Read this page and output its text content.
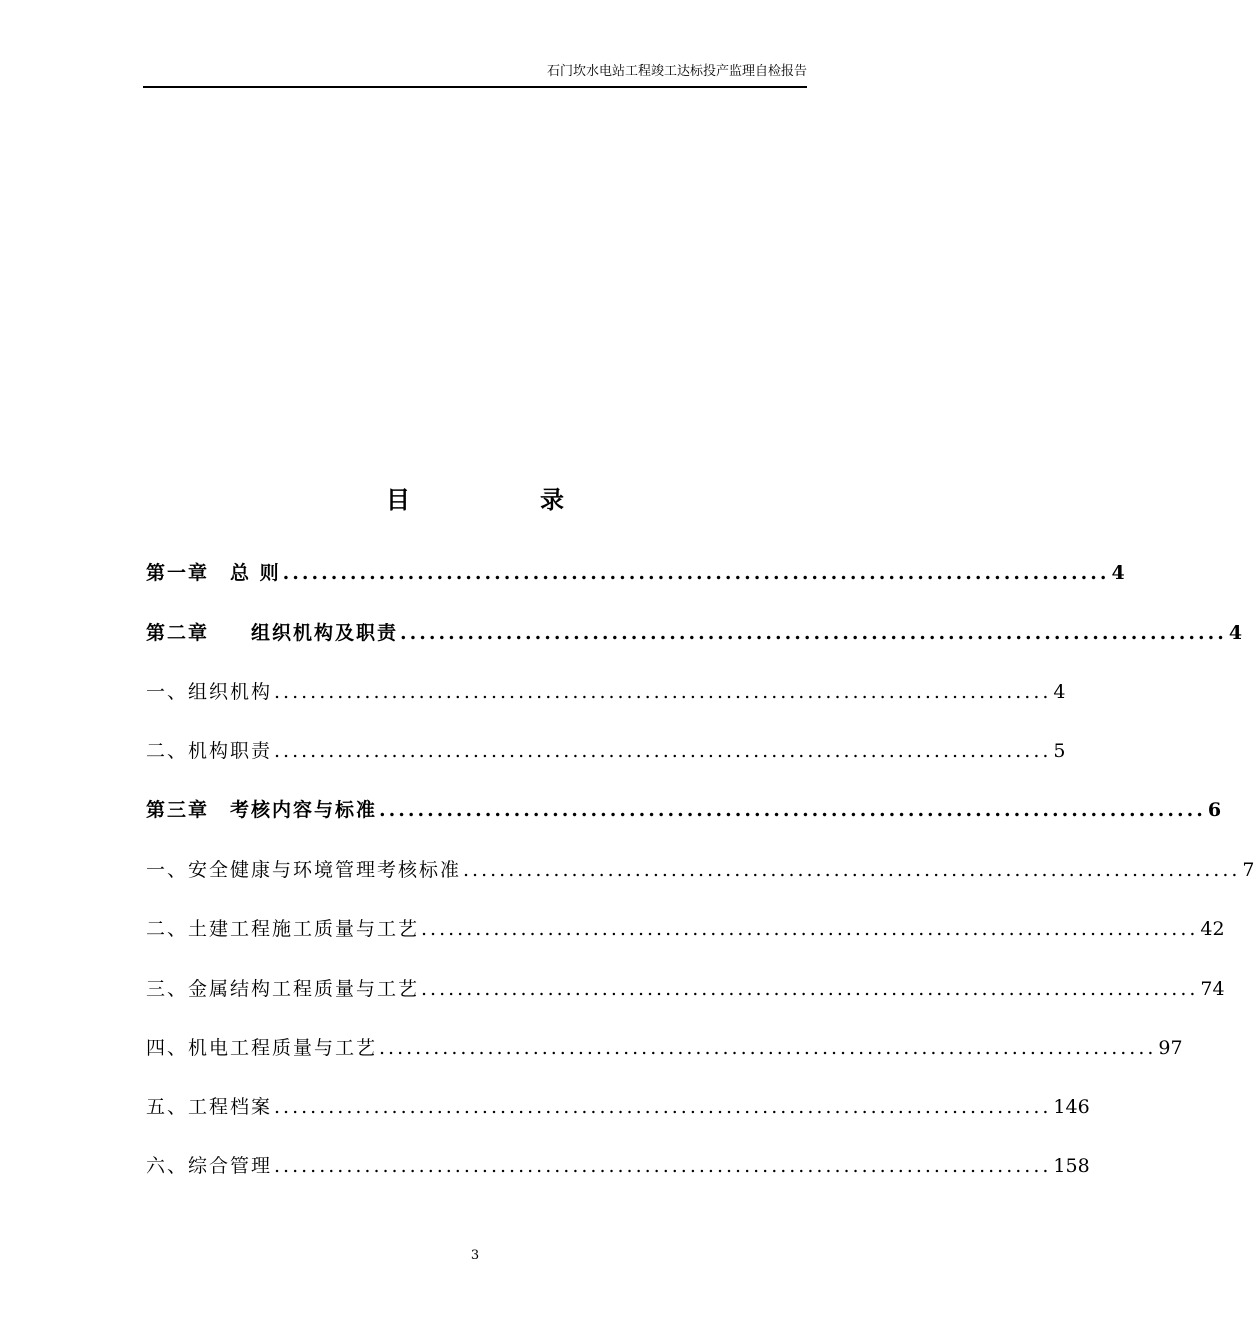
石门坎水电站工程竣工达标投产监理自检报告
目	录
第一章　总 则 ...................................................................................... 4
第二章　　组织机构及职责 ...................................................................................... 4
一、组织机构 ...................................................................................... 4
二、机构职责 ...................................................................................... 5
第三章　考核内容与标准 ...................................................................................... 6
一、安全健康与环境管理考核标准 ...................................................................................... 7
二、土建工程施工质量与工艺 ...................................................................................... 42
三、金属结构工程质量与工艺 ...................................................................................... 74
四、机电工程质量与工艺 ...................................................................................... 97
五、工程档案 ...................................................................................... 146
六、综合管理 ...................................................................................... 158
3
